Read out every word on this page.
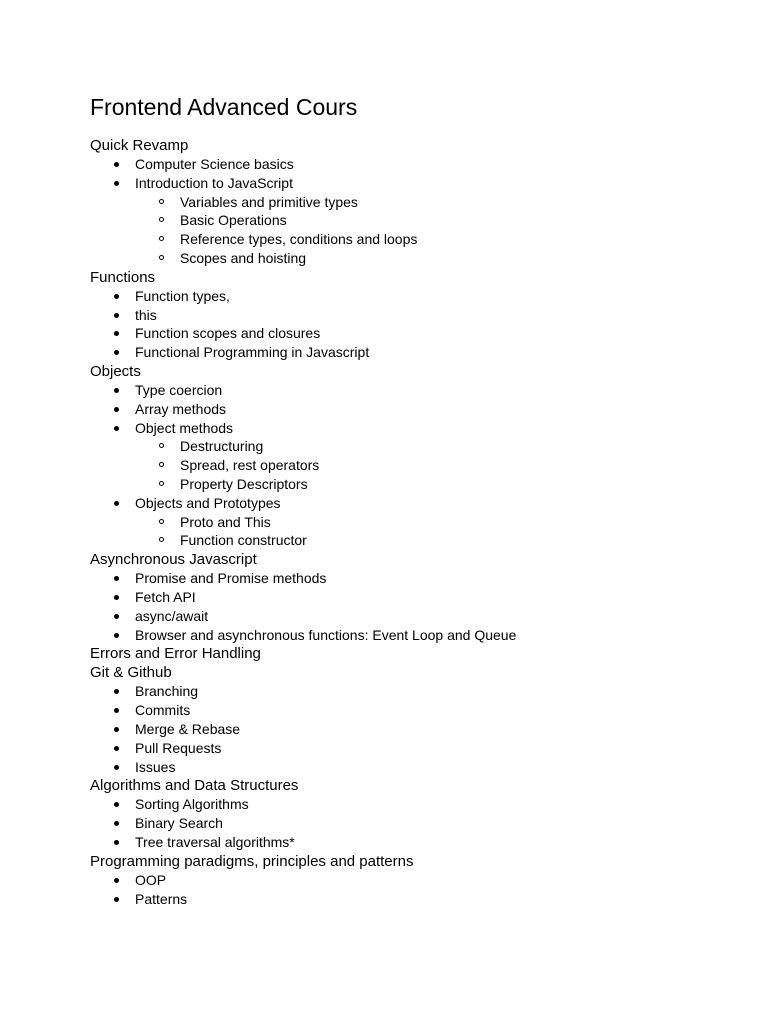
Frontend Advanced Cours
Quick Revamp
Computer Science basics
Introduction to JavaScript
Variables and primitive types
Basic Operations
Reference types, conditions and loops
Scopes and hoisting
Functions
Function types,
this
Function scopes and closures
Functional Programming in Javascript
Objects
Type coercion
Array methods
Object methods
Destructuring
Spread, rest operators
Property Descriptors
Objects and Prototypes
Proto and This
Function constructor
Asynchronous Javascript
Promise and Promise methods
Fetch API
async/await
Browser and asynchronous functions: Event Loop and Queue
Errors and Error Handling
Git & Github
Branching
Commits
Merge & Rebase
Pull Requests
Issues
Algorithms and Data Structures
Sorting Algorithms
Binary Search
Tree traversal algorithms*
Programming paradigms, principles and patterns
OOP
Patterns
